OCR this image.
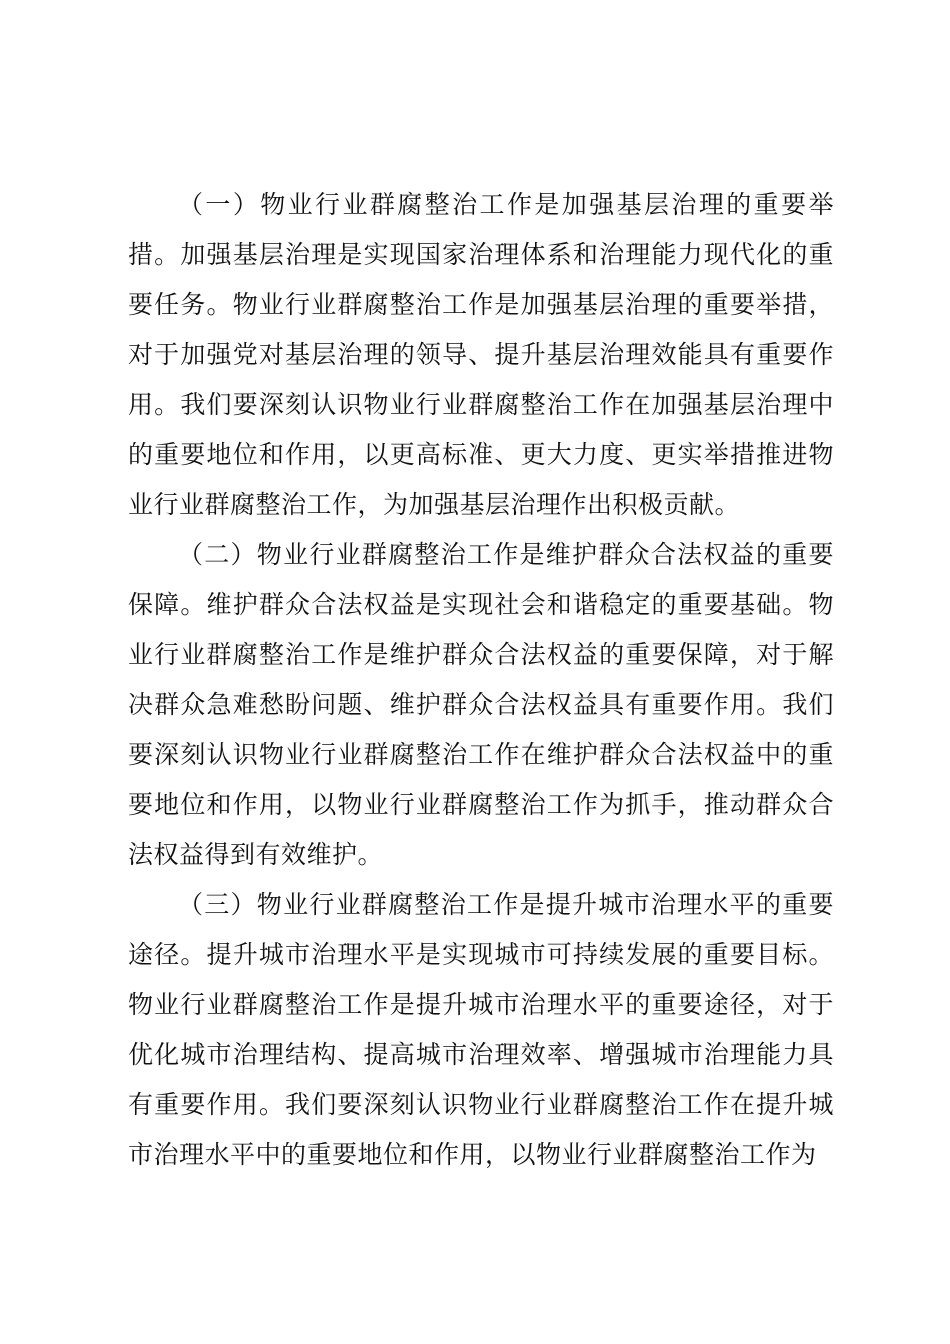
（一）物业行业群腐整治工作是加强基层治理的重要举措。加强基层治理是实现国家治理体系和治理能力现代化的重要任务。物业行业群腐整治工作是加强基层治理的重要举措，对于加强党对基层治理的领导、提升基层治理效能具有重要作用。我们要深刻认识物业行业群腐整治工作在加强基层治理中的重要地位和作用，以更高标准、更大力度、更实举措推进物业行业群腐整治工作，为加强基层治理作出积极贡献。

（二）物业行业群腐整治工作是维护群众合法权益的重要保障。维护群众合法权益是实现社会和谐稳定的重要基础。物业行业群腐整治工作是维护群众合法权益的重要保障，对于解决群众急难愁盼问题、维护群众合法权益具有重要作用。我们要深刻认识物业行业群腐整治工作在维护群众合法权益中的重要地位和作用，以物业行业群腐整治工作为抓手，推动群众合法权益得到有效维护。

（三）物业行业群腐整治工作是提升城市治理水平的重要途径。提升城市治理水平是实现城市可持续发展的重要目标。物业行业群腐整治工作是提升城市治理水平的重要途径，对于优化城市治理结构、提高城市治理效率、增强城市治理能力具有重要作用。我们要深刻认识物业行业群腐整治工作在提升城市治理水平中的重要地位和作用，以物业行业群腐整治工作为
